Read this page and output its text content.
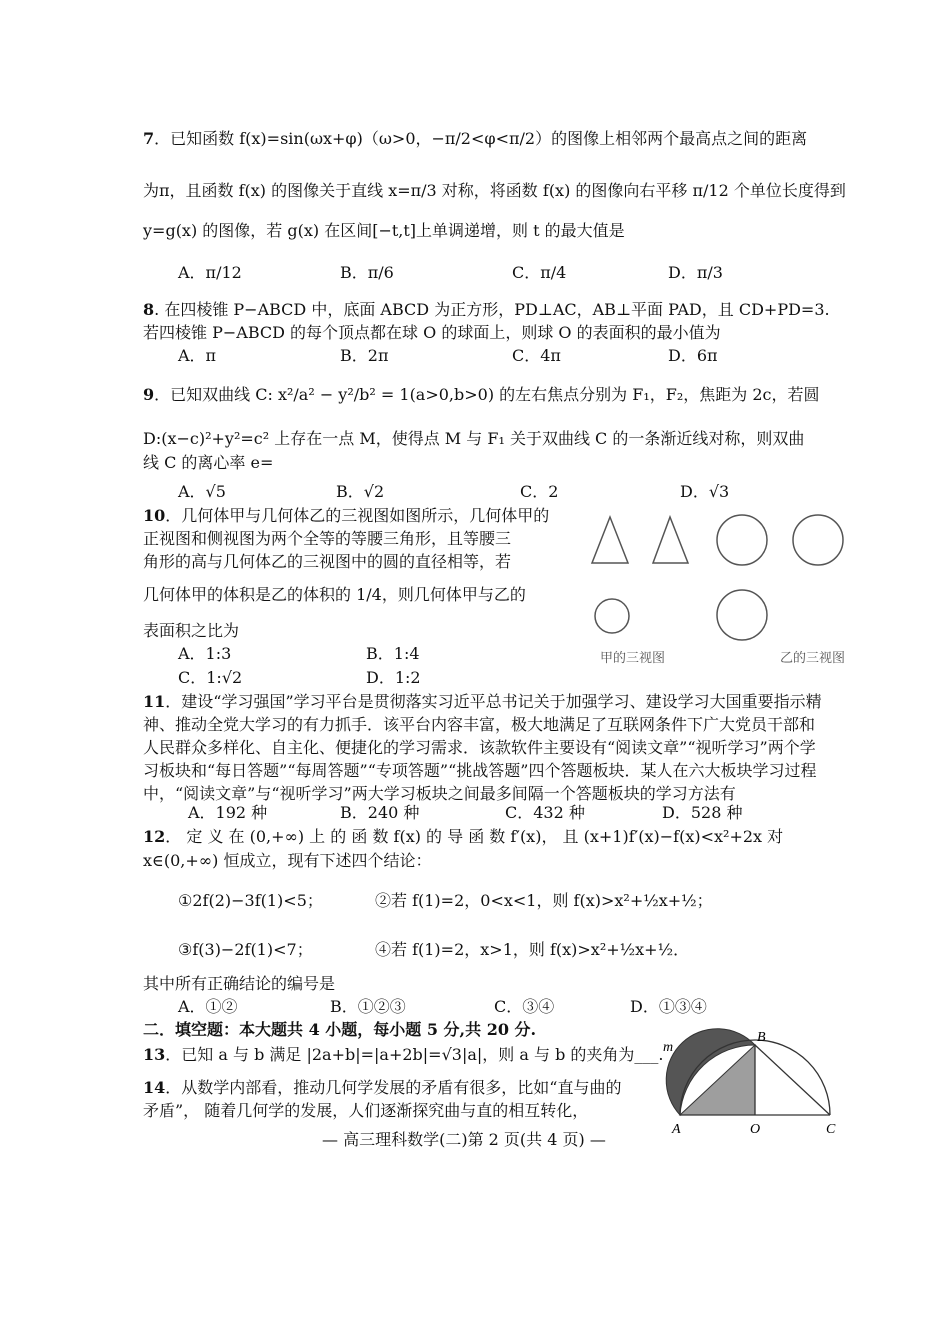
7．已知函数 f(x)=sin(ωx+φ)（ω>0，−π/2<φ<π/2）的图像上相邻两个最高点之间的距离
为π，且函数 f(x) 的图像关于直线 x=π/3 对称，将函数 f(x) 的图像向右平移 π/12 个单位长度得到
y=g(x) 的图像，若 g(x) 在区间[−t,t]上单调递增，则 t 的最大值是
A．π/12	B．π/6	C．π/4	D．π/3
8. 在四棱锥 P−ABCD 中，底面 ABCD 为正方形，PD⊥AC，AB⊥平面 PAD，且 CD+PD=3.
若四棱锥 P−ABCD 的每个顶点都在球 O 的球面上，则球 O 的表面积的最小值为
A．π	B．2π	C．4π	D．6π
9．已知双曲线 C: x²/a² − y²/b² = 1(a>0,b>0) 的左右焦点分别为 F₁，F₂，焦距为 2c，若圆
D:(x−c)²+y²=c² 上存在一点 M，使得点 M 与 F₁ 关于双曲线 C 的一条渐近线对称，则双曲
线 C 的离心率 e=
A．√5	B．√2	C．2	D．√3
10．几何体甲与几何体乙的三视图如图所示，几何体甲的
正视图和侧视图为两个全等的等腰三角形，且等腰三
角形的高与几何体乙的三视图中的圆的直径相等，若
几何体甲的体积是乙的体积的 1/4，则几何体甲与乙的
表面积之比为
A．1:3	B．1:4
C．1:√2	D．1:2
甲的三视图	乙的三视图
11．建设“学习强国”学习平台是贯彻落实习近平总书记关于加强学习、建设学习大国重要指示精
神、推动全党大学习的有力抓手．该平台内容丰富，极大地满足了互联网条件下广大党员干部和
人民群众多样化、自主化、便捷化的学习需求．该款软件主要设有“阅读文章”“视听学习”两个学
习板块和“每日答题”“每周答题”“专项答题”“挑战答题”四个答题板块．某人在六大板块学习过程
中，“阅读文章”与“视听学习”两大学习板块之间最多间隔一个答题板块的学习方法有
A．192 种	B．240 种	C．432 种	D．528 种
12． 定 义 在 (0,+∞) 上 的 函 数 f(x) 的 导 函 数 f′(x)， 且 (x+1)f′(x)−f(x)<x²+2x 对
x∈(0,+∞) 恒成立，现有下述四个结论：
①2f(2)−3f(1)<5；	②若 f(1)=2，0<x<1，则 f(x)>x²+½x+½；
③f(3)−2f(1)<7；	④若 f(1)=2，x>1，则 f(x)>x²+½x+½．
其中所有正确结论的编号是
A．①②	B．①②③	C．③④	D．①③④
二．填空题：本大题共 4 小题，每小题 5 分,共 20 分.
13．已知 a 与 b 满足 |2a+b|=|a+2b|=√3|a|，则 a 与 b 的夹角为___.
14．从数学内部看，推动几何学发展的矛盾有很多，比如“直与曲的
矛盾”， 随着几何学的发展，人们逐渐探究曲与直的相互转化，
B
m
A	O	C
— 高三理科数学(二)第 2 页(共 4 页) —
